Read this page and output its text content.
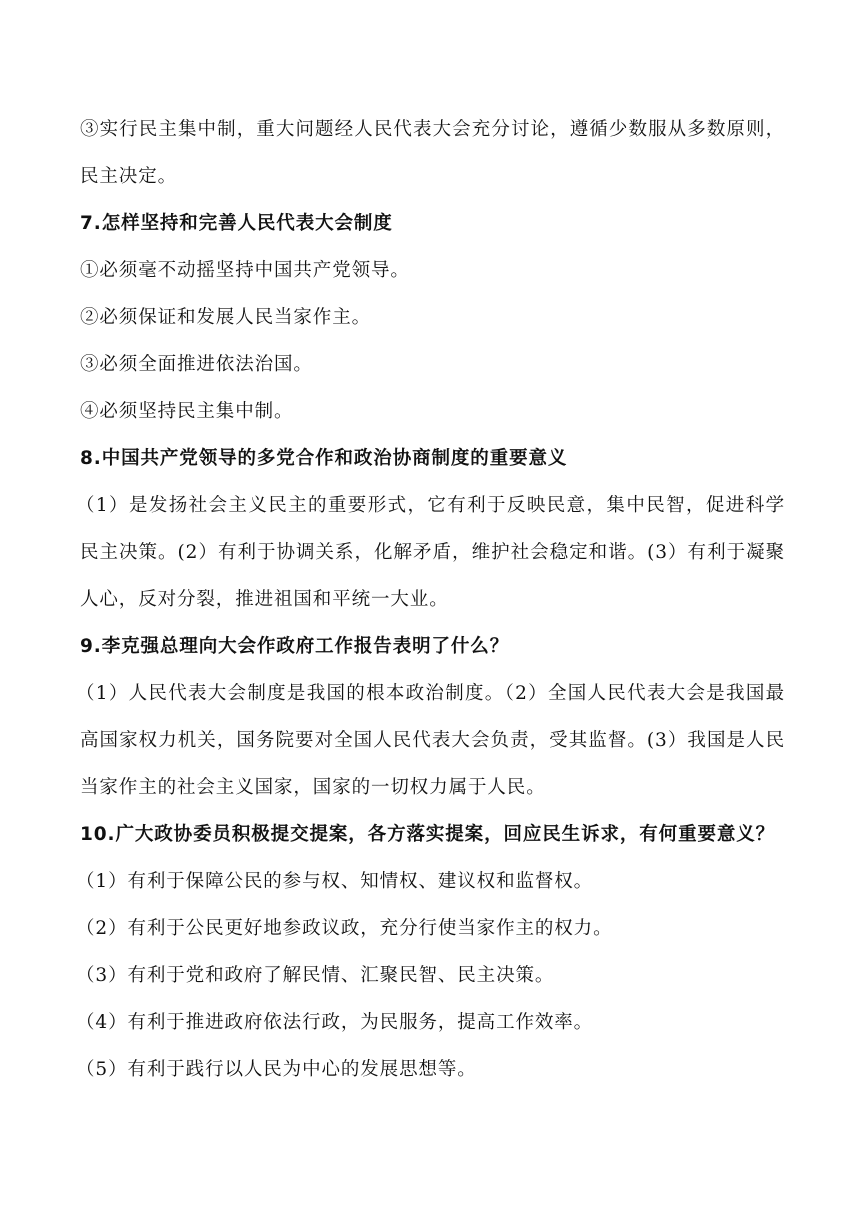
③实行民主集中制，重大问题经人民代表大会充分讨论，遵循少数服从多数原则，民主决定。
7.怎样坚持和完善人民代表大会制度
①必须毫不动摇坚持中国共产党领导。
②必须保证和发展人民当家作主。
③必须全面推进依法治国。
④必须坚持民主集中制。
8.中国共产党领导的多党合作和政治协商制度的重要意义
（1）是发扬社会主义民主的重要形式，它有利于反映民意，集中民智，促进科学民主决策。(2）有利于协调关系，化解矛盾，维护社会稳定和谐。(3）有利于凝聚人心，反对分裂，推进祖国和平统一大业。
9.李克强总理向大会作政府工作报告表明了什么？
（1）人民代表大会制度是我国的根本政治制度。（2）全国人民代表大会是我国最高国家权力机关，国务院要对全国人民代表大会负责，受其监督。(3）我国是人民当家作主的社会主义国家，国家的一切权力属于人民。
10.广大政协委员积极提交提案，各方落实提案，回应民生诉求，有何重要意义？
（1）有利于保障公民的参与权、知情权、建议权和监督权。
（2）有利于公民更好地参政议政，充分行使当家作主的权力。
（3）有利于党和政府了解民情、汇聚民智、民主决策。
（4）有利于推进政府依法行政，为民服务，提高工作效率。
（5）有利于践行以人民为中心的发展思想等。
